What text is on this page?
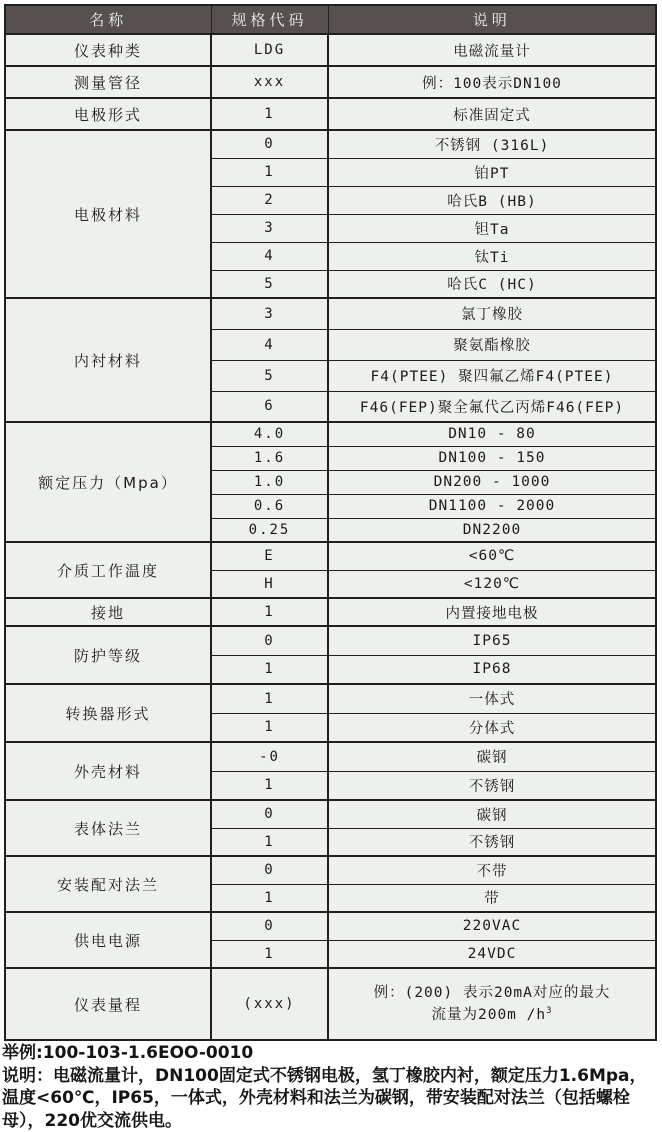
名称	规格代码	说明
仪表种类	LDG	电磁流量计
测量管径	xxx	例：100表示DN100
电极形式	1	标准固定式
电极材料	0	不锈钢 (316L)
	1	铂PT
	2	哈氏B (HB)
	3	钽Ta
	4	钛Ti
	5	哈氏C (HC)
内衬材料	3	氯丁橡胶
	4	聚氨酯橡胶
	5	F4(PTEE) 聚四氟乙烯F4(PTEE)
	6	F46(FEP)聚全氟代乙丙烯F46(FEP)
额定压力（Mpa）	4.0	DN10 - 80
	1.6	DN100 - 150
	1.0	DN200 - 1000
	0.6	DN1100 - 2000
	0.25	DN2200
介质工作温度	E	<60℃
	H	<120℃
接地	1	内置接地电极
防护等级	0	IP65
	1	IP68
转换器形式	1	一体式
	1	分体式
外壳材料	-0	碳钢
	1	不锈钢
表体法兰	0	碳钢
	1	不锈钢
安装配对法兰	0	不带
	1	带
供电电源	0	220VAC
	1	24VDC
仪表量程	(xxx)	例：(200) 表示20mA对应的最大
流量为200m $/h^3$

举例:100-103-1.6EOO-0010

说明：电磁流量计，DN100固定式不锈钢电极，氢丁橡胶内衬，额定压力1.6Mpa，温度<60℃，IP65，一体式，外壳材料和法兰为碳钢，带安装配对法兰（包括螺栓母），220优交流供电。
